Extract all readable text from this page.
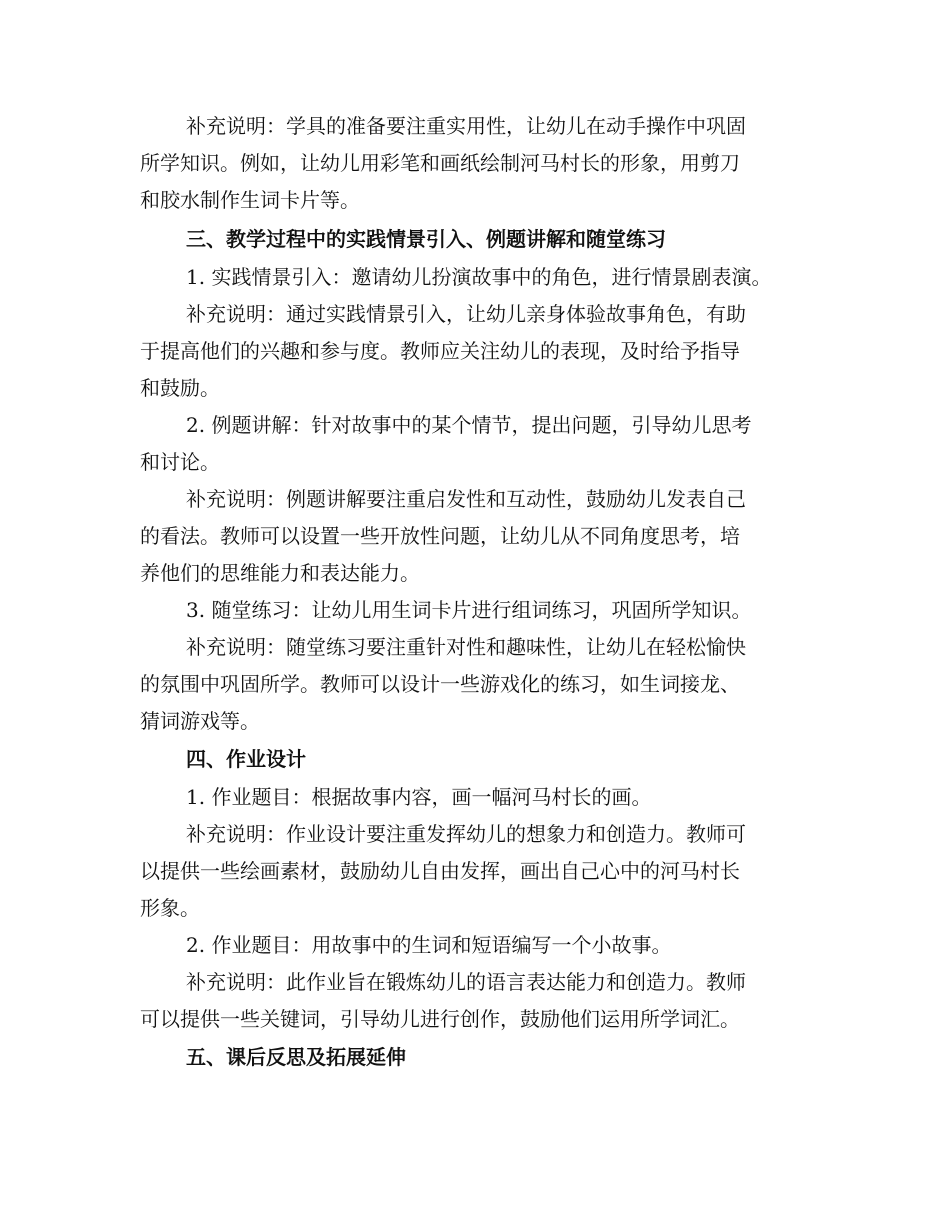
补充说明：学具的准备要注重实用性，让幼儿在动手操作中巩固
所学知识。例如，让幼儿用彩笔和画纸绘制河马村长的形象，用剪刀
和胶水制作生词卡片等。
三、教学过程中的实践情景引入、例题讲解和随堂练习
1. 实践情景引入：邀请幼儿扮演故事中的角色，进行情景剧表演。
补充说明：通过实践情景引入，让幼儿亲身体验故事角色，有助
于提高他们的兴趣和参与度。教师应关注幼儿的表现，及时给予指导
和鼓励。
2. 例题讲解：针对故事中的某个情节，提出问题，引导幼儿思考
和讨论。
补充说明：例题讲解要注重启发性和互动性，鼓励幼儿发表自己
的看法。教师可以设置一些开放性问题，让幼儿从不同角度思考，培
养他们的思维能力和表达能力。
3. 随堂练习：让幼儿用生词卡片进行组词练习，巩固所学知识。
补充说明：随堂练习要注重针对性和趣味性，让幼儿在轻松愉快
的氛围中巩固所学。教师可以设计一些游戏化的练习，如生词接龙、
猜词游戏等。
四、作业设计
1. 作业题目：根据故事内容，画一幅河马村长的画。
补充说明：作业设计要注重发挥幼儿的想象力和创造力。教师可
以提供一些绘画素材，鼓励幼儿自由发挥，画出自己心中的河马村长
形象。
2. 作业题目：用故事中的生词和短语编写一个小故事。
补充说明：此作业旨在锻炼幼儿的语言表达能力和创造力。教师
可以提供一些关键词，引导幼儿进行创作，鼓励他们运用所学词汇。
五、课后反思及拓展延伸
